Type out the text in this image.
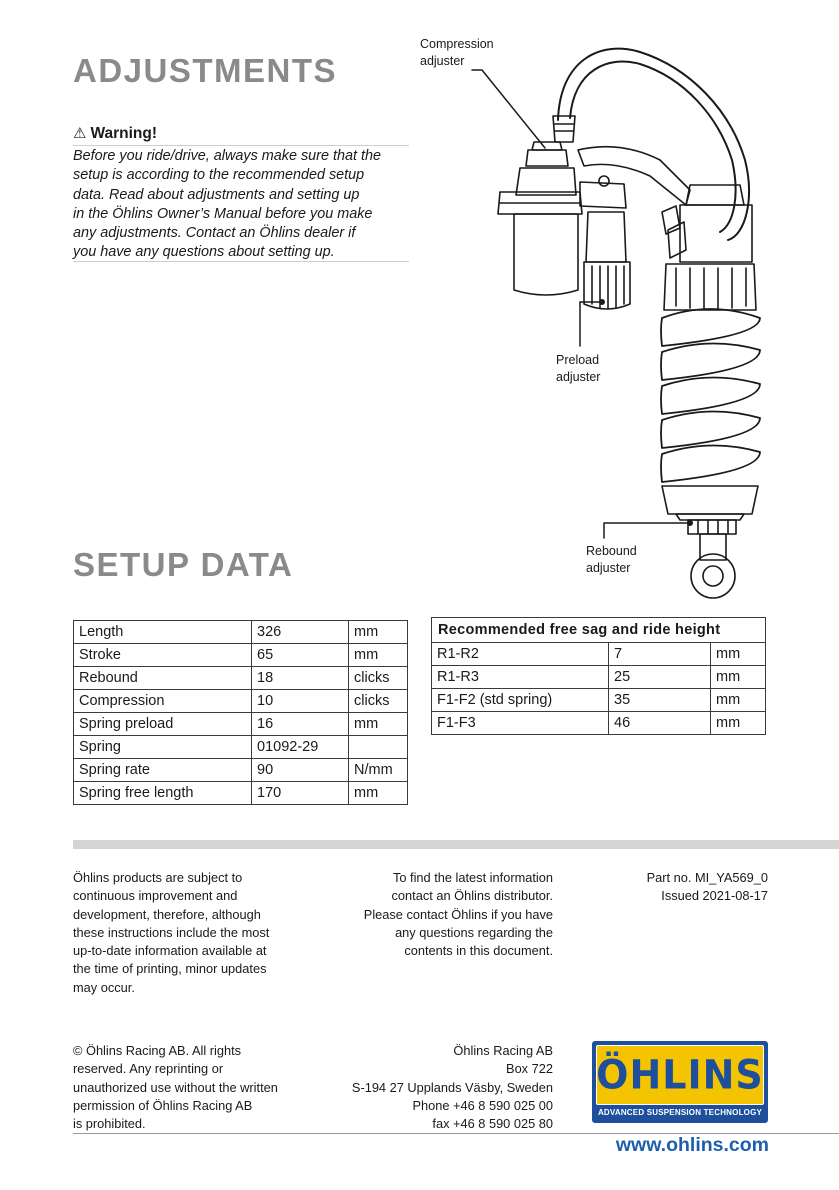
ADJUSTMENTS
⚠ Warning!
Before you ride/drive, always make sure that the
setup is according to the recommended setup
data. Read about adjustments and setting up
in the Öhlins Owner’s Manual before you make
any adjustments. Contact an Öhlins dealer if
you have any questions about setting up.
Compression
adjuster
Preload
adjuster
Rebound
adjuster
SETUP DATA
Length	326	mm
Stroke	65	mm
Rebound	18	clicks
Compression	10	clicks
Spring preload	16	mm
Spring	01092-29	
Spring rate	90	N/mm
Spring free length	170	mm
Recommended free sag and ride height		
R1-R2	7	mm
R1-R3	25	mm
F1-F2 (std spring)	35	mm
F1-F3	46	mm
Öhlins products are subject to
continuous improvement and
development, therefore, although
these instructions include the most
up-to-date information available at
the time of printing, minor updates
may occur.
To find the latest information
contact an Öhlins distributor.
Please contact Öhlins if you have
any questions regarding the
contents in this document.
Part no. MI_YA569_0
Issued 2021-08-17
© Öhlins Racing AB. All rights
reserved. Any reprinting or
unauthorized use without the written
permission of Öhlins Racing AB
is prohibited.
Öhlins Racing AB
Box 722
S-194 27 Upplands Väsby, Sweden
Phone +46 8 590 025 00
fax +46 8 590 025 80
ÖHLINS
ADVANCED SUSPENSION TECHNOLOGY
www.ohlins.com
